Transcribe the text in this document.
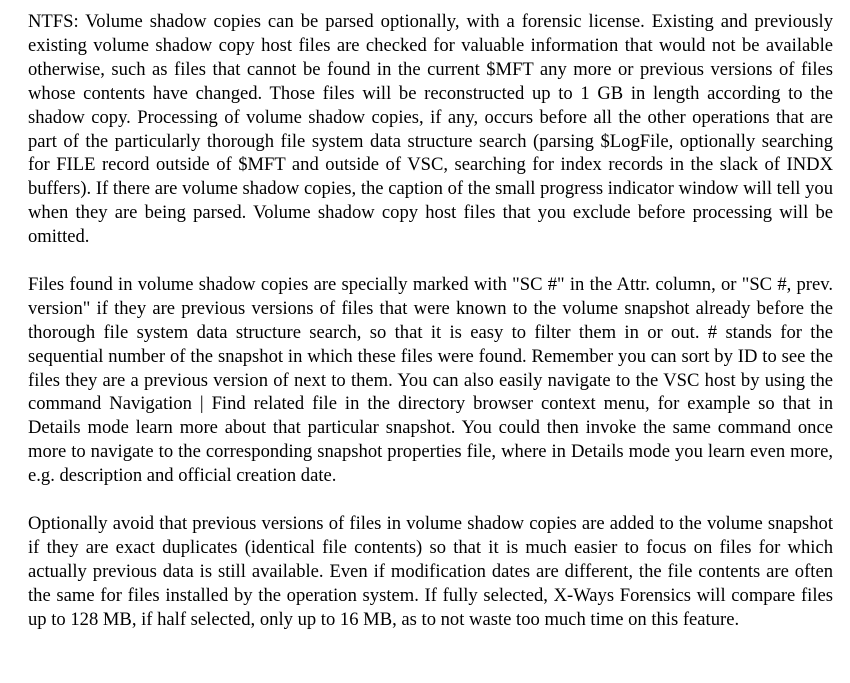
NTFS: Volume shadow copies can be parsed optionally, with a forensic license. Existing and previously existing volume shadow copy host files are checked for valuable information that would not be available otherwise, such as files that cannot be found in the current $MFT any more or previous versions of files whose contents have changed. Those files will be reconstructed up to 1 GB in length according to the shadow copy. Processing of volume shadow copies, if any, occurs before all the other operations that are part of the particularly thorough file system data structure search (parsing $LogFile, optionally searching for FILE record outside of $MFT and outside of VSC, searching for index records in the slack of INDX buffers). If there are volume shadow copies, the caption of the small progress indicator window will tell you when they are being parsed. Volume shadow copy host files that you exclude before processing will be omitted.

Files found in volume shadow copies are specially marked with "SC #" in the Attr. column, or "SC #, prev. version" if they are previous versions of files that were known to the volume snapshot already before the thorough file system data structure search, so that it is easy to filter them in or out. # stands for the sequential number of the snapshot in which these files were found. Remember you can sort by ID to see the files they are a previous version of next to them. You can also easily navigate to the VSC host by using the command Navigation | Find related file in the directory browser context menu, for example so that in Details mode learn more about that particular snapshot. You could then invoke the same command once more to navigate to the corresponding snapshot properties file, where in Details mode you learn even more, e.g. description and official creation date.

Optionally avoid that previous versions of files in volume shadow copies are added to the volume snapshot if they are exact duplicates (identical file contents) so that it is much easier to focus on files for which actually previous data is still available. Even if modification dates are different, the file contents are often the same for files installed by the operation system. If fully selected, X-Ways Forensics will compare files up to 128 MB, if half selected, only up to 16 MB, as to not waste too much time on this feature.
